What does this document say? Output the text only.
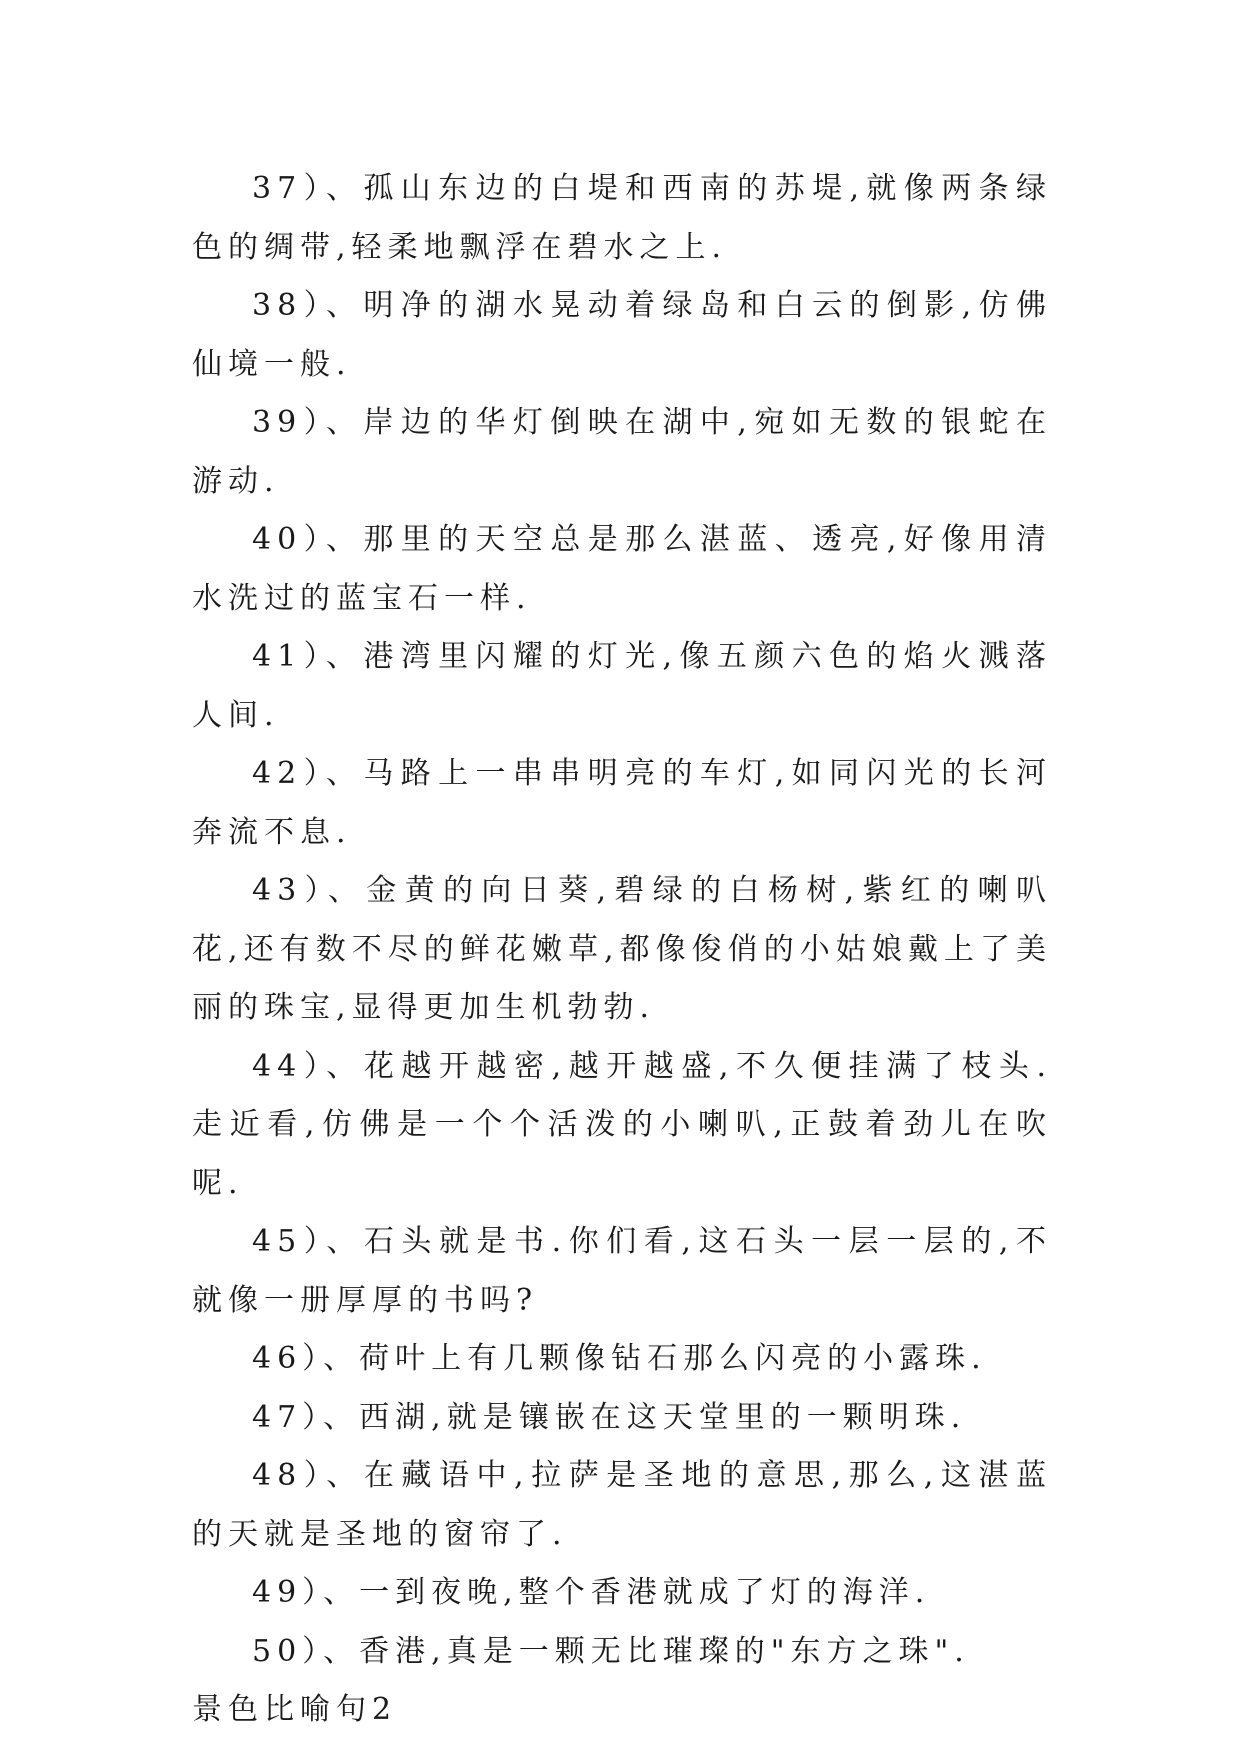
37）、孤山东边的白堤和西南的苏堤,就像两条绿色的绸带,轻柔地飘浮在碧水之上.

38）、明净的湖水晃动着绿岛和白云的倒影,仿佛仙境一般.

39）、岸边的华灯倒映在湖中,宛如无数的银蛇在游动.

40）、那里的天空总是那么湛蓝、透亮,好像用清水洗过的蓝宝石一样.

41）、港湾里闪耀的灯光,像五颜六色的焰火溅落人间.

42）、马路上一串串明亮的车灯,如同闪光的长河奔流不息.

43）、金黄的向日葵,碧绿的白杨树,紫红的喇叭花,还有数不尽的鲜花嫩草,都像俊俏的小姑娘戴上了美丽的珠宝,显得更加生机勃勃.

44）、花越开越密,越开越盛,不久便挂满了枝头.走近看,仿佛是一个个活泼的小喇叭,正鼓着劲儿在吹呢.

45）、石头就是书.你们看,这石头一层一层的,不就像一册厚厚的书吗?

46）、荷叶上有几颗像钻石那么闪亮的小露珠.

47）、西湖,就是镶嵌在这天堂里的一颗明珠.

48）、在藏语中,拉萨是圣地的意思,那么,这湛蓝的天就是圣地的窗帘了.

49）、一到夜晚,整个香港就成了灯的海洋.

50）、香港,真是一颗无比璀璨的"东方之珠".

景色比喻句2
